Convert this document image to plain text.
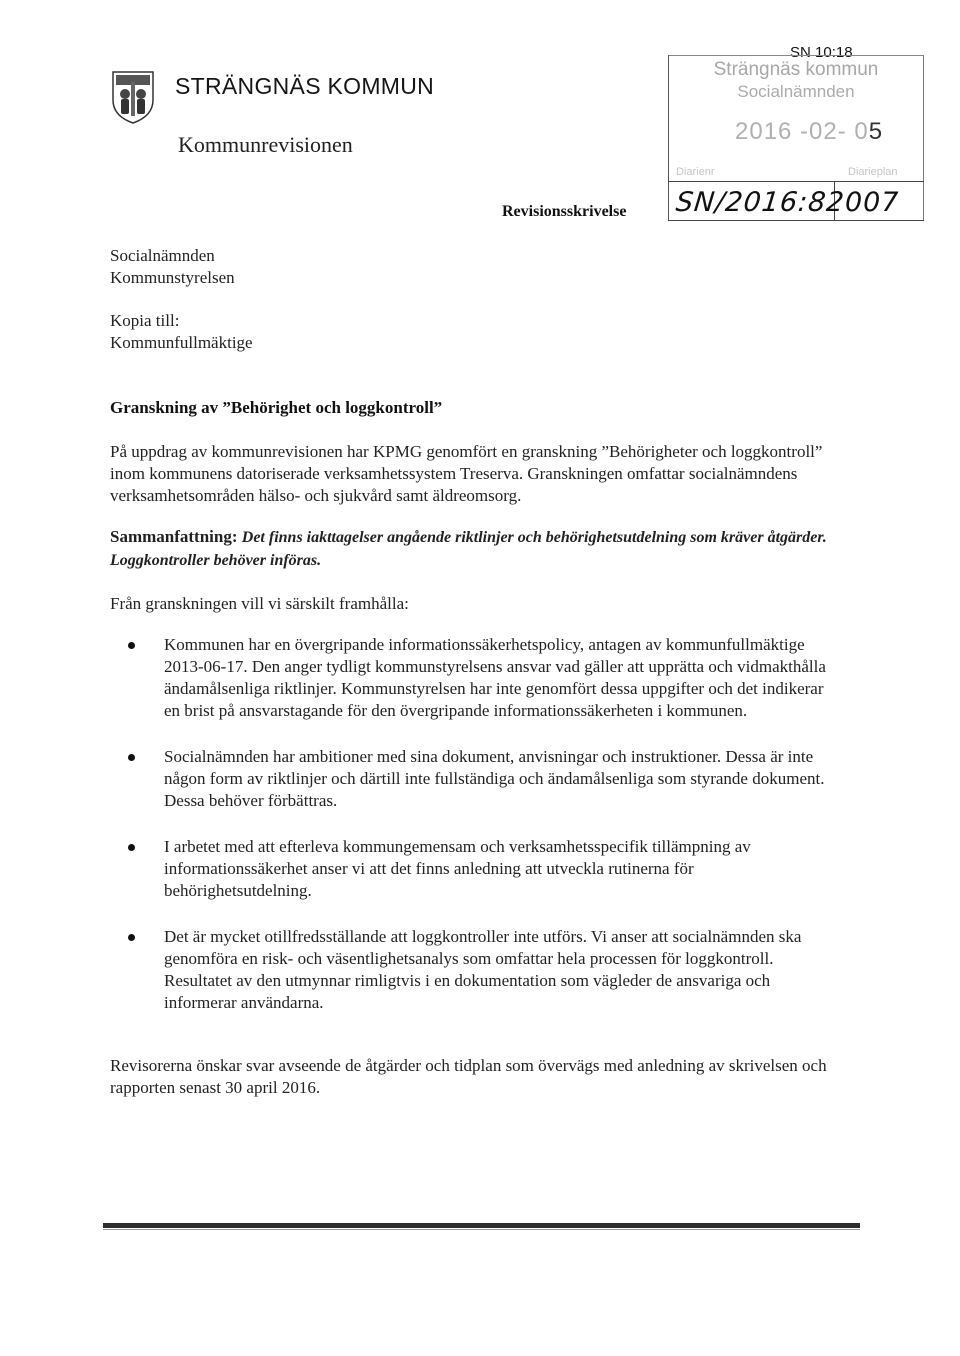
STRÄNGNÄS KOMMUN
Kommunrevisionen
Revisionsskrivelse
SN 10:18
Strängnäs kommun
Socialnämnden
2016 -02- 05
Diarienr	Diarieplan
SN/2016:82
007
Socialnämnden
Kommunstyrelsen
Kopia till:
Kommunfullmäktige
Granskning av ”Behörighet och loggkontroll”
På uppdrag av kommunrevisionen har KPMG genomfört en granskning ”Behörigheter och loggkontroll” inom kommunens datoriserade verksamhetssystem Treserva. Granskningen omfattar socialnämndens verksamhetsområden hälso- och sjukvård samt äldreomsorg.
Sammanfattning: Det finns iakttagelser angående riktlinjer och behörighetsutdelning som kräver åtgärder. Loggkontroller behöver införas.
Från granskningen vill vi särskilt framhålla:
Kommunen har en övergripande informationssäkerhetspolicy, antagen av kommunfullmäktige 2013-06-17. Den anger tydligt kommunstyrelsens ansvar vad gäller att upprätta och vidmakthålla ändamålsenliga riktlinjer. Kommunstyrelsen har inte genomfört dessa uppgifter och det indikerar en brist på ansvarstagande för den övergripande informationssäkerheten i kommunen.
Socialnämnden har ambitioner med sina dokument, anvisningar och instruktioner. Dessa är inte någon form av riktlinjer och därtill inte fullständiga och ändamålsenliga som styrande dokument. Dessa behöver förbättras.
I arbetet med att efterleva kommungemensam och verksamhetsspecifik tillämpning av informationssäkerhet anser vi att det finns anledning att utveckla rutinerna för behörighetsutdelning.
Det är mycket otillfredsställande att loggkontroller inte utförs. Vi anser att socialnämnden ska genomföra en risk- och väsentlighetsanalys som omfattar hela processen för loggkontroll. Resultatet av den utmynnar rimligtvis i en dokumentation som vägleder de ansvariga och informerar användarna.
Revisorerna önskar svar avseende de åtgärder och tidplan som övervägs med anledning av skrivelsen och rapporten senast 30 april 2016.
